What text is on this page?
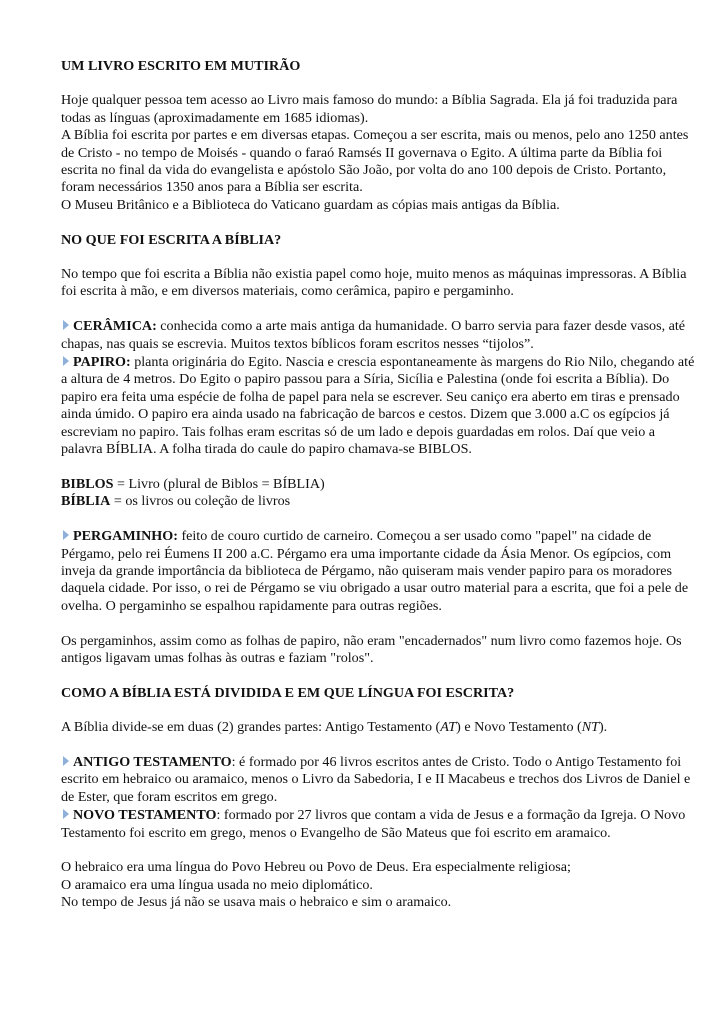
UM LIVRO ESCRITO EM MUTIRÃO

Hoje qualquer pessoa tem acesso ao Livro mais famoso do mundo: a Bíblia Sagrada. Ela já foi traduzida para todas as línguas (aproximadamente em 1685 idiomas).
A Bíblia foi escrita por partes e em diversas etapas. Começou a ser escrita, mais ou menos, pelo ano 1250 antes de Cristo - no tempo de Moisés - quando o faraó Ramsés II governava o Egito. A última parte da Bíblia foi escrita no final da vida do evangelista e apóstolo São João, por volta do ano 100 depois de Cristo. Portanto, foram necessários 1350 anos para a Bíblia ser escrita.
O Museu Britânico e a Biblioteca do Vaticano guardam as cópias mais antigas da Bíblia.

NO QUE FOI ESCRITA A BÍBLIA?

No tempo que foi escrita a Bíblia não existia papel como hoje, muito menos as máquinas impressoras. A Bíblia foi escrita à mão, e em diversos materiais, como cerâmica, papiro e pergaminho.

CERÂMICA: conhecida como a arte mais antiga da humanidade. O barro servia para fazer desde vasos, até chapas, nas quais se escrevia. Muitos textos bíblicos foram escritos nesses “tijolos”.

PAPIRO: planta originária do Egito. Nascia e crescia espontaneamente às margens do Rio Nilo, chegando até a altura de 4 metros. Do Egito o papiro passou para a Síria, Sicília e Palestina (onde foi escrita a Bíblia). Do papiro era feita uma espécie de folha de papel para nela se escrever. Seu caniço era aberto em tiras e prensado ainda úmido. O papiro era ainda usado na fabricação de barcos e cestos. Dizem que 3.000 a.C os egípcios já escreviam no papiro. Tais folhas eram escritas só de um lado e depois guardadas em rolos. Daí que veio a palavra BÍBLIA. A folha tirada do caule do papiro chamava-se BIBLOS.

BIBLOS = Livro (plural de Biblos = BÍBLIA)
BÍBLIA = os livros ou coleção de livros

PERGAMINHO: feito de couro curtido de carneiro. Começou a ser usado como "papel" na cidade de Pérgamo, pelo rei Éumens II 200 a.C. Pérgamo era uma importante cidade da Ásia Menor. Os egípcios, com inveja da grande importância da biblioteca de Pérgamo, não quiseram mais vender papiro para os moradores daquela cidade. Por isso, o rei de Pérgamo se viu obrigado a usar outro material para a escrita, que foi a pele de ovelha. O pergaminho se espalhou rapidamente para outras regiões.

Os pergaminhos, assim como as folhas de papiro, não eram "encadernados" num livro como fazemos hoje. Os antigos ligavam umas folhas às outras e faziam "rolos".

COMO A BÍBLIA ESTÁ DIVIDIDA E EM QUE LÍNGUA FOI ESCRITA?

A Bíblia divide-se em duas (2) grandes partes: Antigo Testamento (AT) e Novo Testamento (NT).

ANTIGO TESTAMENTO: é formado por 46 livros escritos antes de Cristo. Todo o Antigo Testamento foi escrito em hebraico ou aramaico, menos o Livro da Sabedoria, I e II Macabeus e trechos dos Livros de Daniel e de Ester, que foram escritos em grego.

NOVO TESTAMENTO: formado por 27 livros que contam a vida de Jesus e a formação da Igreja. O Novo Testamento foi escrito em grego, menos o Evangelho de São Mateus que foi escrito em aramaico.

O hebraico era uma língua do Povo Hebreu ou Povo de Deus. Era especialmente religiosa;
O aramaico era uma língua usada no meio diplomático.
No tempo de Jesus já não se usava mais o hebraico e sim o aramaico.
